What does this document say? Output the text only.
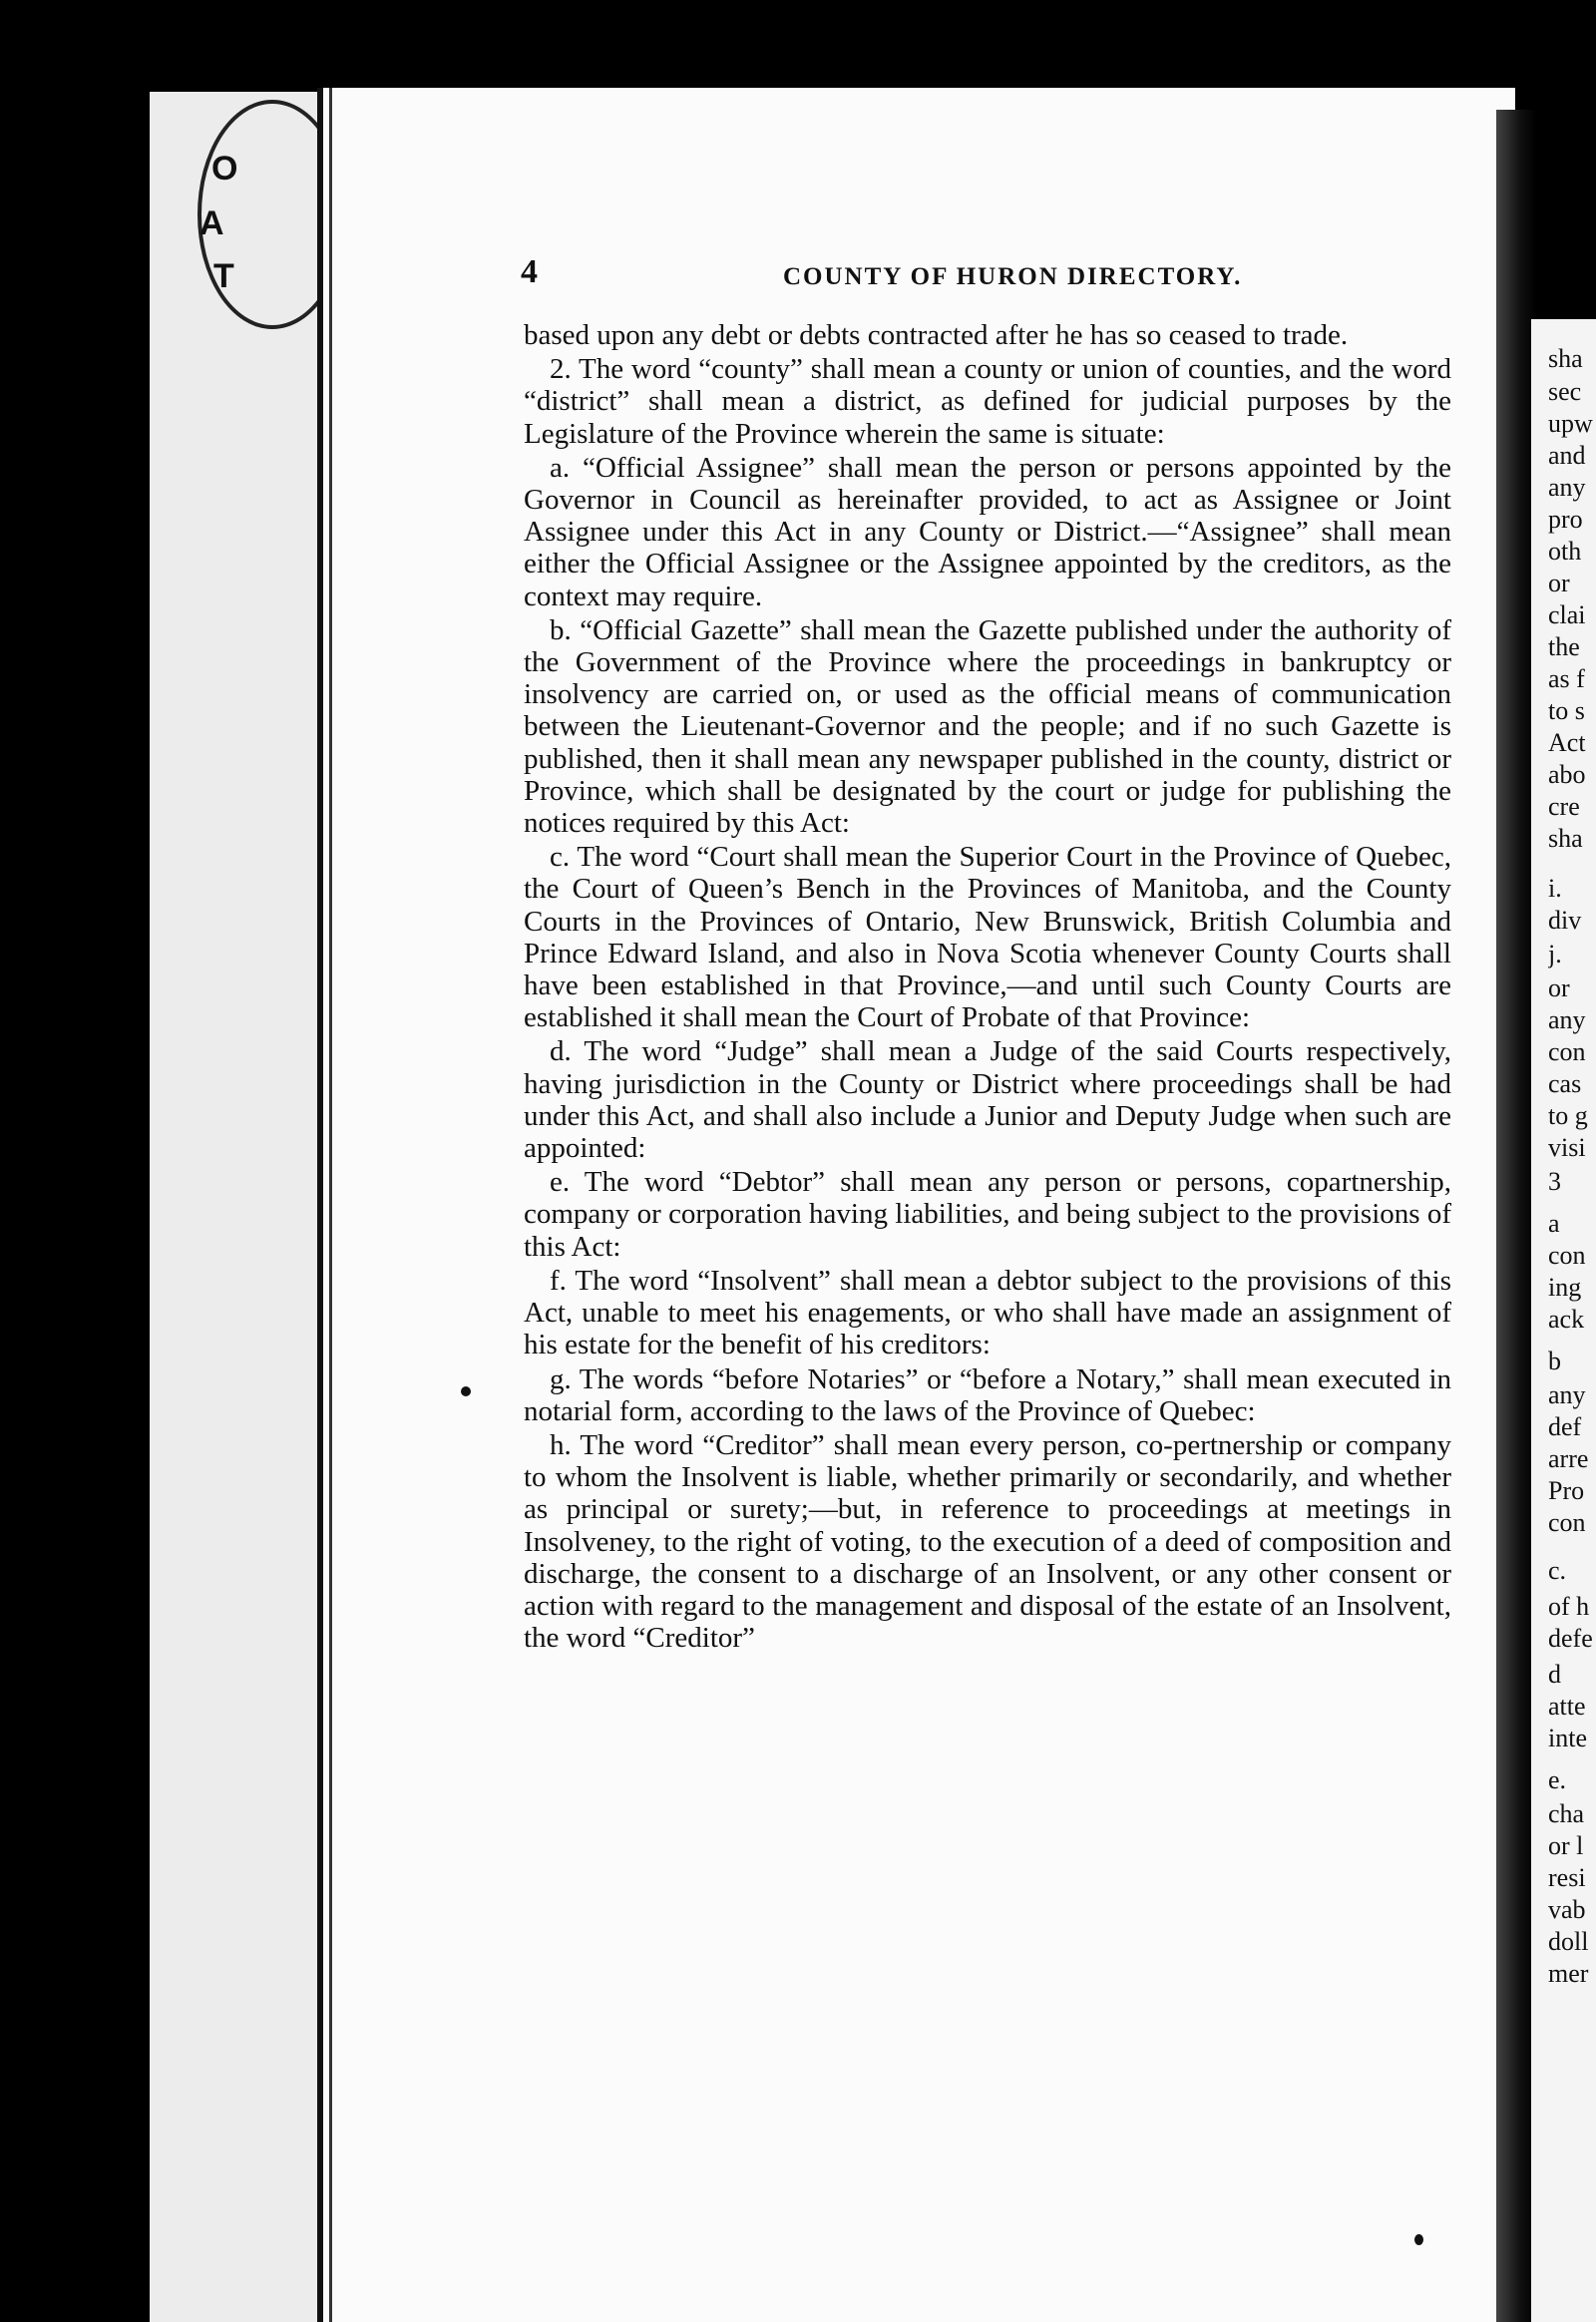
O
A
T	4	COUNTY OF HURON DIRECTORY.

based upon any debt or debts contracted after he has so ceased to trade.

2. The word “county” shall mean a county or union of counties, and the word “district” shall mean a district, as defined for judicial purposes by the Legislature of the Province wherein the same is situate:

a. “Official Assignee” shall mean the person or persons appointed by the Governor in Council as hereinafter provided, to act as Assignee or Joint Assignee under this Act in any County or District.—“Assignee” shall mean either the Official Assignee or the Assignee appointed by the creditors, as the context may require.

b. “Official Gazette” shall mean the Gazette published under the authority of the Government of the Province where the proceedings in bankruptcy or insolvency are carried on, or used as the official means of communication between the Lieutenant-Governor and the people; and if no such Gazette is published, then it shall mean any newspaper published in the county, district or Province, which shall be designated by the court or judge for publishing the notices required by this Act:

c. The word “Court shall mean the Superior Court in the Province of Quebec, the Court of Queen’s Bench in the Provinces of Manitoba, and the County Courts in the Provinces of Ontario, New Brunswick, British Columbia and Prince Edward Island, and also in Nova Scotia whenever County Courts shall have been established in that Province,—and until such County Courts are established it shall mean the Court of Probate of that Province:

d. The word “Judge” shall mean a Judge of the said Courts respectively, having jurisdiction in the County or District where proceedings shall be had under this Act, and shall also include a Junior and Deputy Judge when such are appointed:

e. The word “Debtor” shall mean any person or persons, copartnership, company or corporation having liabilities, and being subject to the provisions of this Act:

f. The word “Insolvent” shall mean a debtor subject to the provisions of this Act, unable to meet his enagements, or who shall have made an assignment of his estate for the benefit of his creditors:

g. The words “before Notaries” or “before a Notary,” shall mean executed in notarial form, according to the laws of the Province of Quebec:

h. The word “Creditor” shall mean every person, co-pertnership or company to whom the Insolvent is liable, whether primarily or secondarily, and whether as principal or surety;—but, in reference to proceedings at meetings in Insolveney, to the right of voting, to the execution of a deed of composition and discharge, the consent to a discharge of an Insolvent, or any other consent or action with regard to the management and disposal of the estate of an Insolvent, the word “Creditor”

sha
sec
upw
and
any
pro
oth
or
clai
the
as f
to s
Act
abo
cre
sha
i.
div
j.
or
any
con
cas
to g
visi
3
a
con
ing
ack
b
any
def
arre
Pro
con
c.
of h
defe
d
atte
inte
e.
cha
or l
resi
vab
doll
mer
